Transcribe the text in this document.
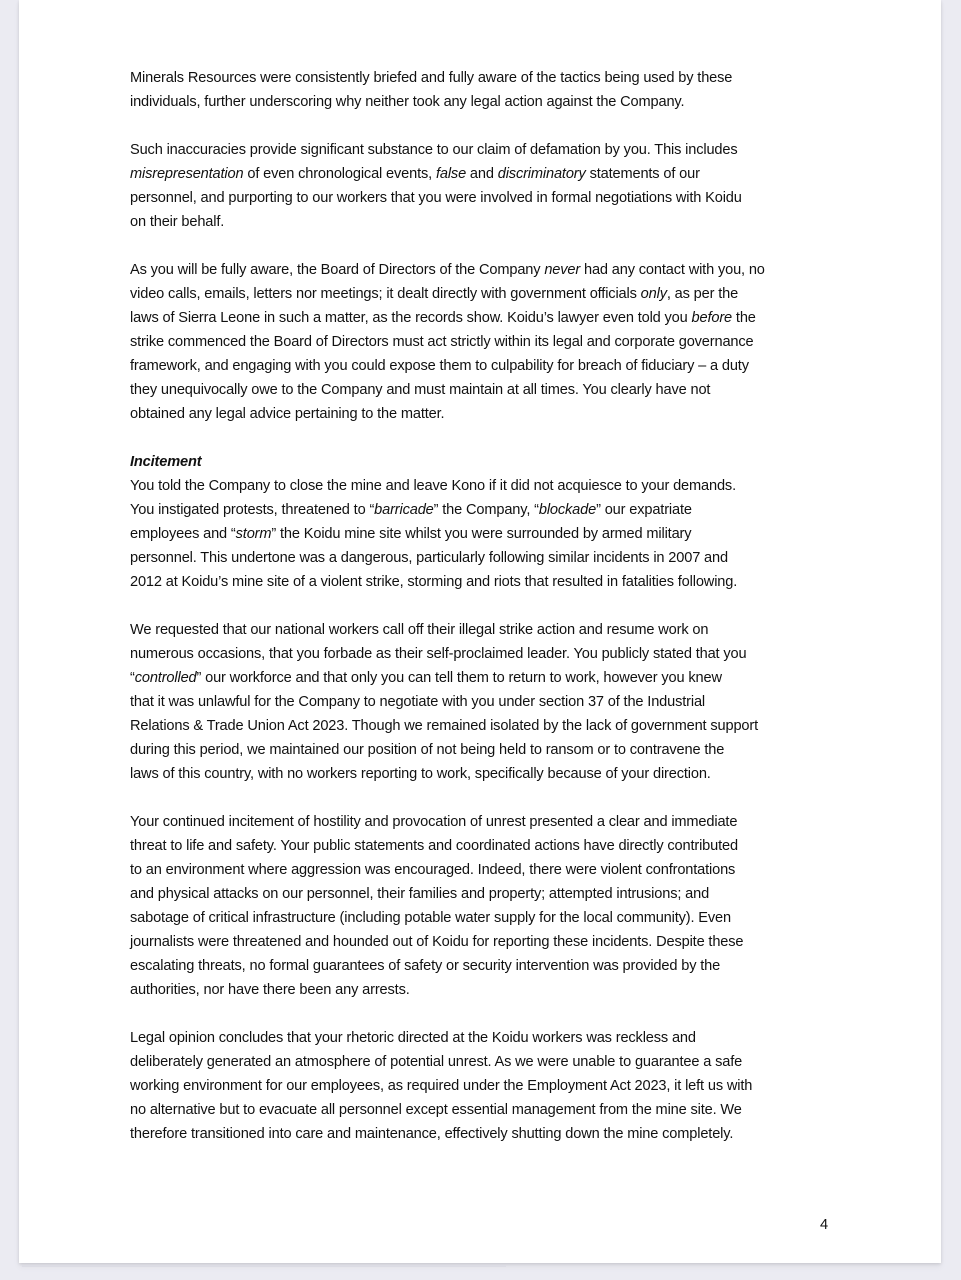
Minerals Resources were consistently briefed and fully aware of the tactics being used by these
individuals, further underscoring why neither took any legal action against the Company.
Such inaccuracies provide significant substance to our claim of defamation by you. This includes
misrepresentation of even chronological events, false and discriminatory statements of our
personnel, and purporting to our workers that you were involved in formal negotiations with Koidu
on their behalf.
As you will be fully aware, the Board of Directors of the Company never had any contact with you, no
video calls, emails, letters nor meetings; it dealt directly with government officials only, as per the
laws of Sierra Leone in such a matter, as the records show. Koidu’s lawyer even told you before the
strike commenced the Board of Directors must act strictly within its legal and corporate governance
framework, and engaging with you could expose them to culpability for breach of fiduciary – a duty
they unequivocally owe to the Company and must maintain at all times. You clearly have not
obtained any legal advice pertaining to the matter.
Incitement
You told the Company to close the mine and leave Kono if it did not acquiesce to your demands.
You instigated protests, threatened to “barricade” the Company, “blockade” our expatriate
employees and “storm” the Koidu mine site whilst you were surrounded by armed military
personnel. This undertone was a dangerous, particularly following similar incidents in 2007 and
2012 at Koidu’s mine site of a violent strike, storming and riots that resulted in fatalities following.
We requested that our national workers call off their illegal strike action and resume work on
numerous occasions, that you forbade as their self-proclaimed leader. You publicly stated that you
“controlled” our workforce and that only you can tell them to return to work, however you knew
that it was unlawful for the Company to negotiate with you under section 37 of the Industrial
Relations & Trade Union Act 2023. Though we remained isolated by the lack of government support
during this period, we maintained our position of not being held to ransom or to contravene the
laws of this country, with no workers reporting to work, specifically because of your direction.
Your continued incitement of hostility and provocation of unrest presented a clear and immediate
threat to life and safety. Your public statements and coordinated actions have directly contributed
to an environment where aggression was encouraged. Indeed, there were violent confrontations
and physical attacks on our personnel, their families and property; attempted intrusions; and
sabotage of critical infrastructure (including potable water supply for the local community). Even
journalists were threatened and hounded out of Koidu for reporting these incidents. Despite these
escalating threats, no formal guarantees of safety or security intervention was provided by the
authorities, nor have there been any arrests.
Legal opinion concludes that your rhetoric directed at the Koidu workers was reckless and
deliberately generated an atmosphere of potential unrest. As we were unable to guarantee a safe
working environment for our employees, as required under the Employment Act 2023, it left us with
no alternative but to evacuate all personnel except essential management from the mine site. We
therefore transitioned into care and maintenance, effectively shutting down the mine completely.
4
